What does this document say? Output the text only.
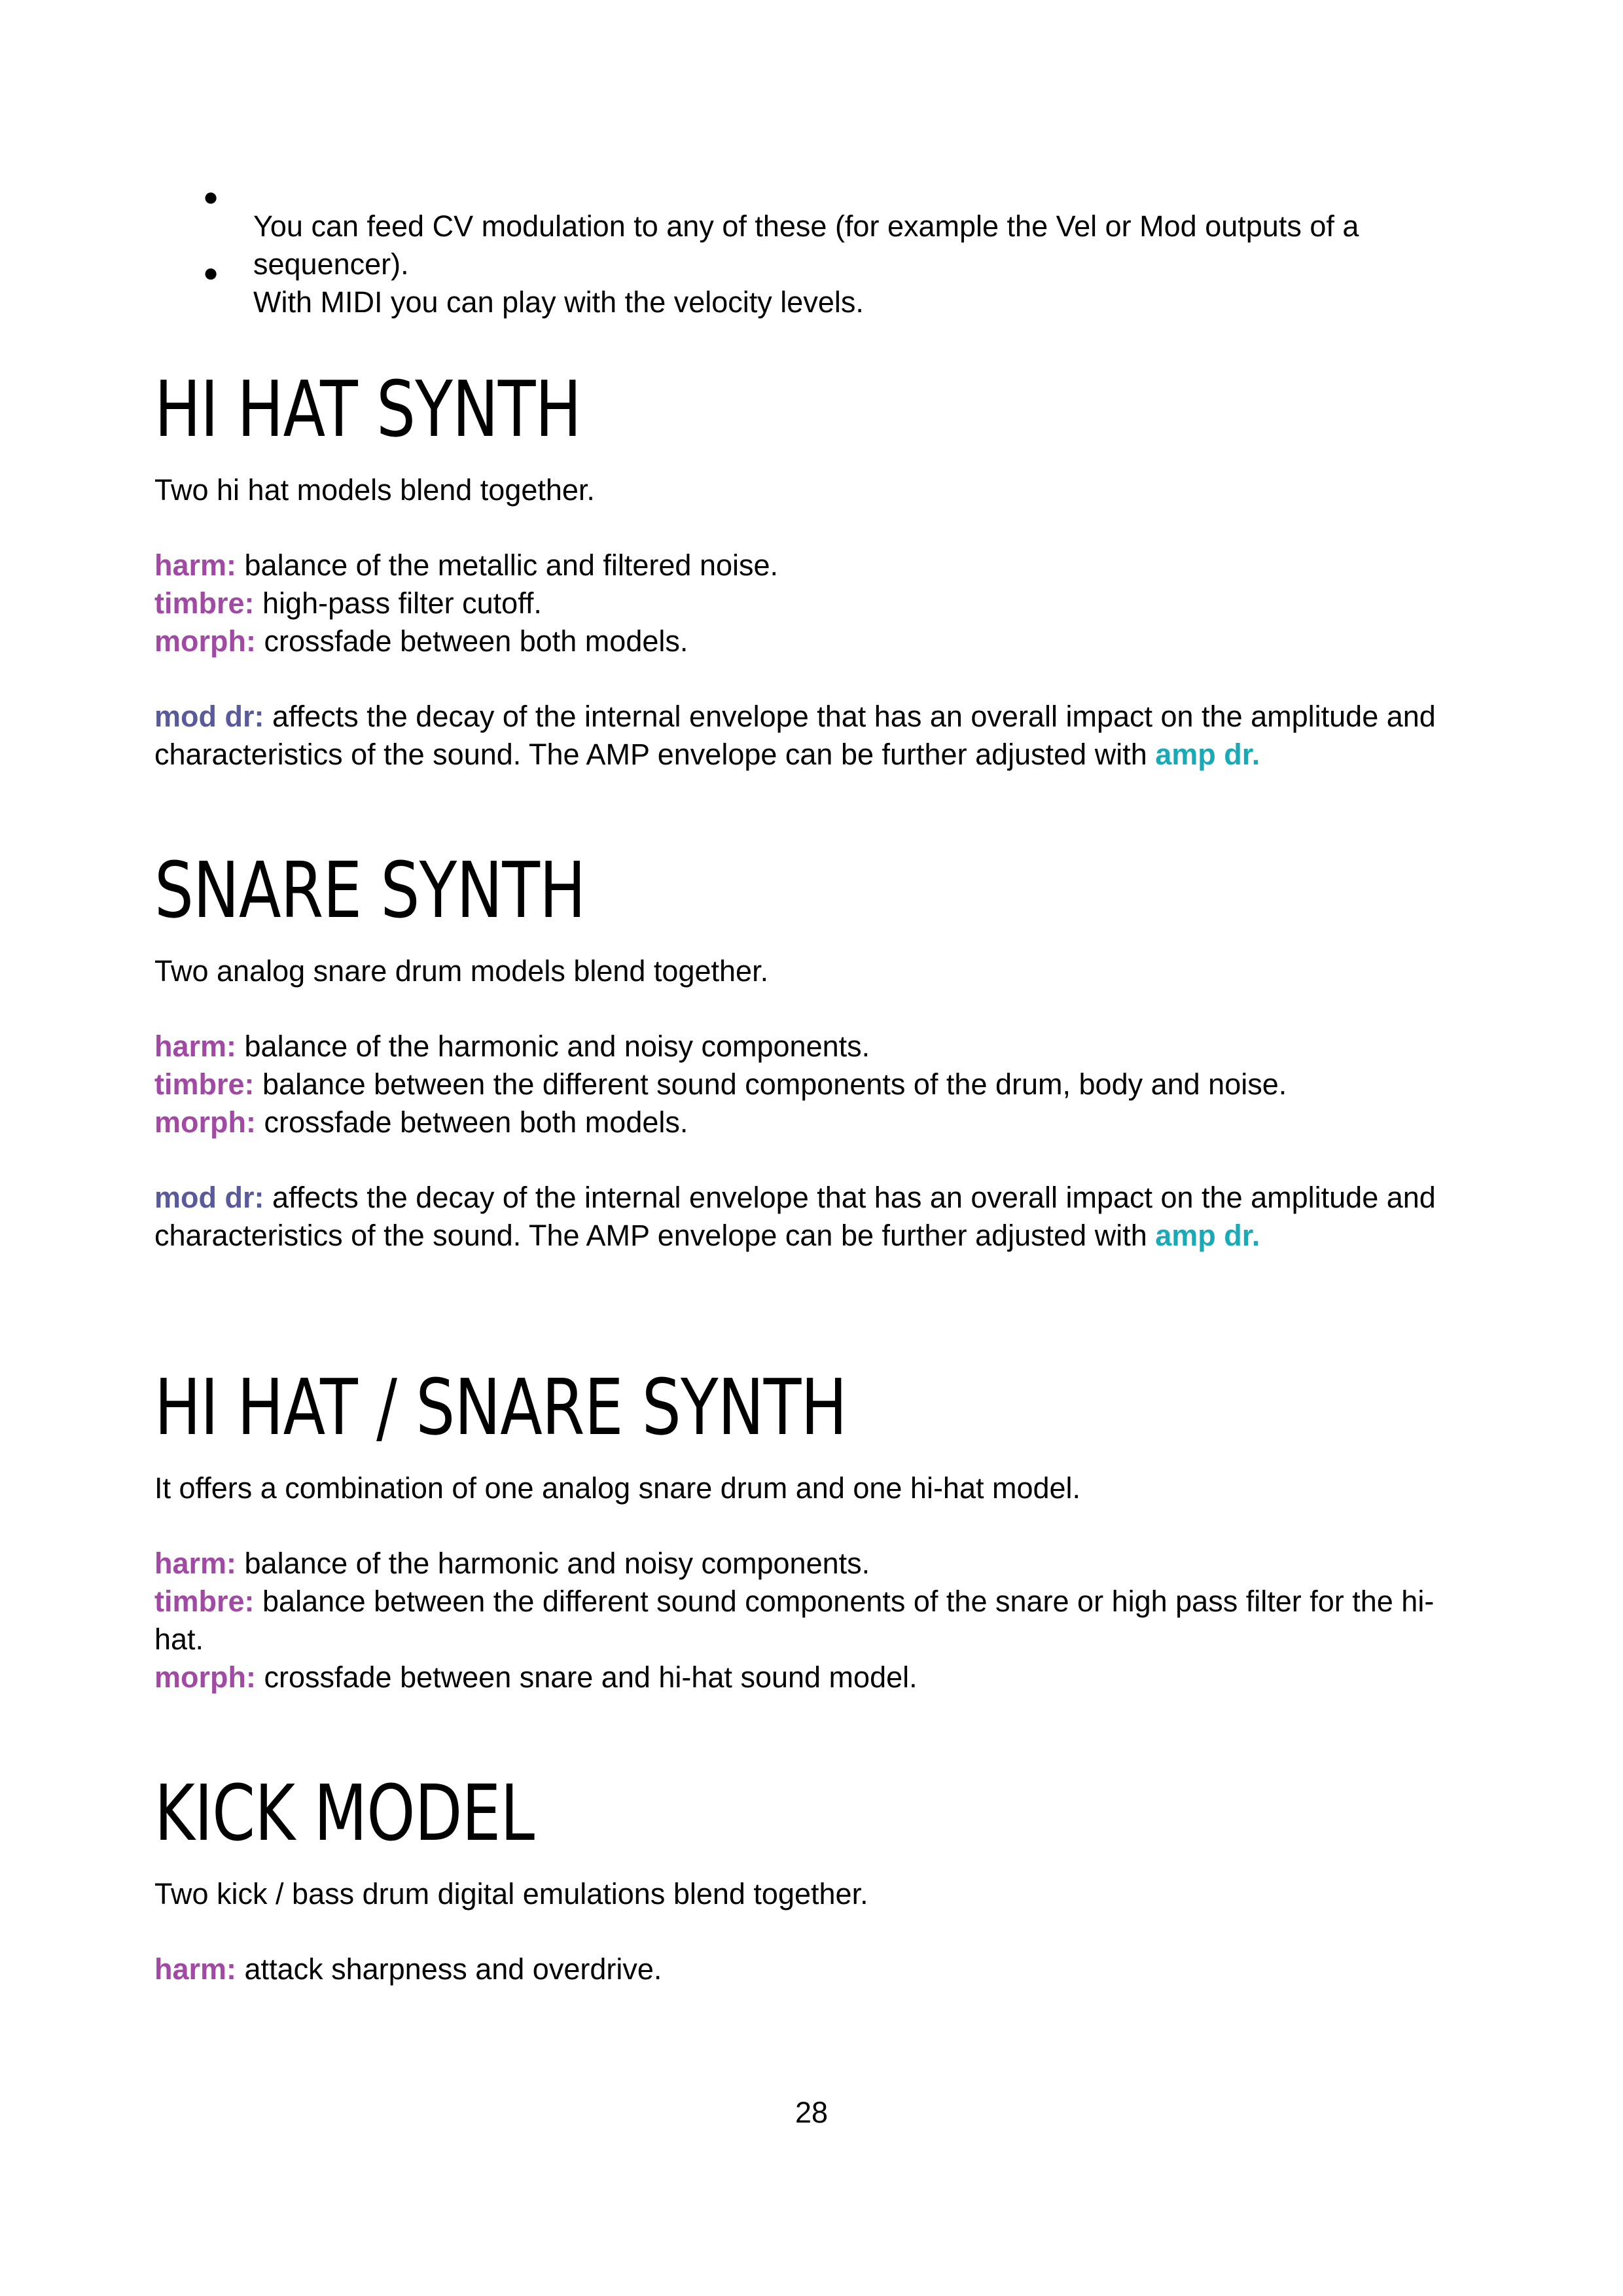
●

You can feed CV modulation to any of these (for example the Vel or Mod outputs of a

sequencer).

●

With MIDI you can play with the velocity levels.

HI HAT SYNTH

Two hi hat models blend together.

harm: balance of the metallic and filtered noise.

timbre: high-pass filter cutoff.

morph: crossfade between both models.

mod dr: affects the decay of the internal envelope that has an overall impact on the amplitude and

characteristics of the sound. The AMP envelope can be further adjusted with amp dr.

SNARE SYNTH

Two analog snare drum models blend together.

harm: balance of the harmonic and noisy components.

timbre: balance between the different sound components of the drum, body and noise.

morph: crossfade between both models.

mod dr: affects the decay of the internal envelope that has an overall impact on the amplitude and

characteristics of the sound. The AMP envelope can be further adjusted with amp dr.

HI HAT / SNARE SYNTH

It offers a combination of one analog snare drum and one hi-hat model.

harm: balance of the harmonic and noisy components.

timbre: balance between the different sound components of the snare or high pass filter for the hi-

hat.

morph: crossfade between snare and hi-hat sound model.

KICK MODEL

Two kick / bass drum digital emulations blend together.

harm: attack sharpness and overdrive.

28
